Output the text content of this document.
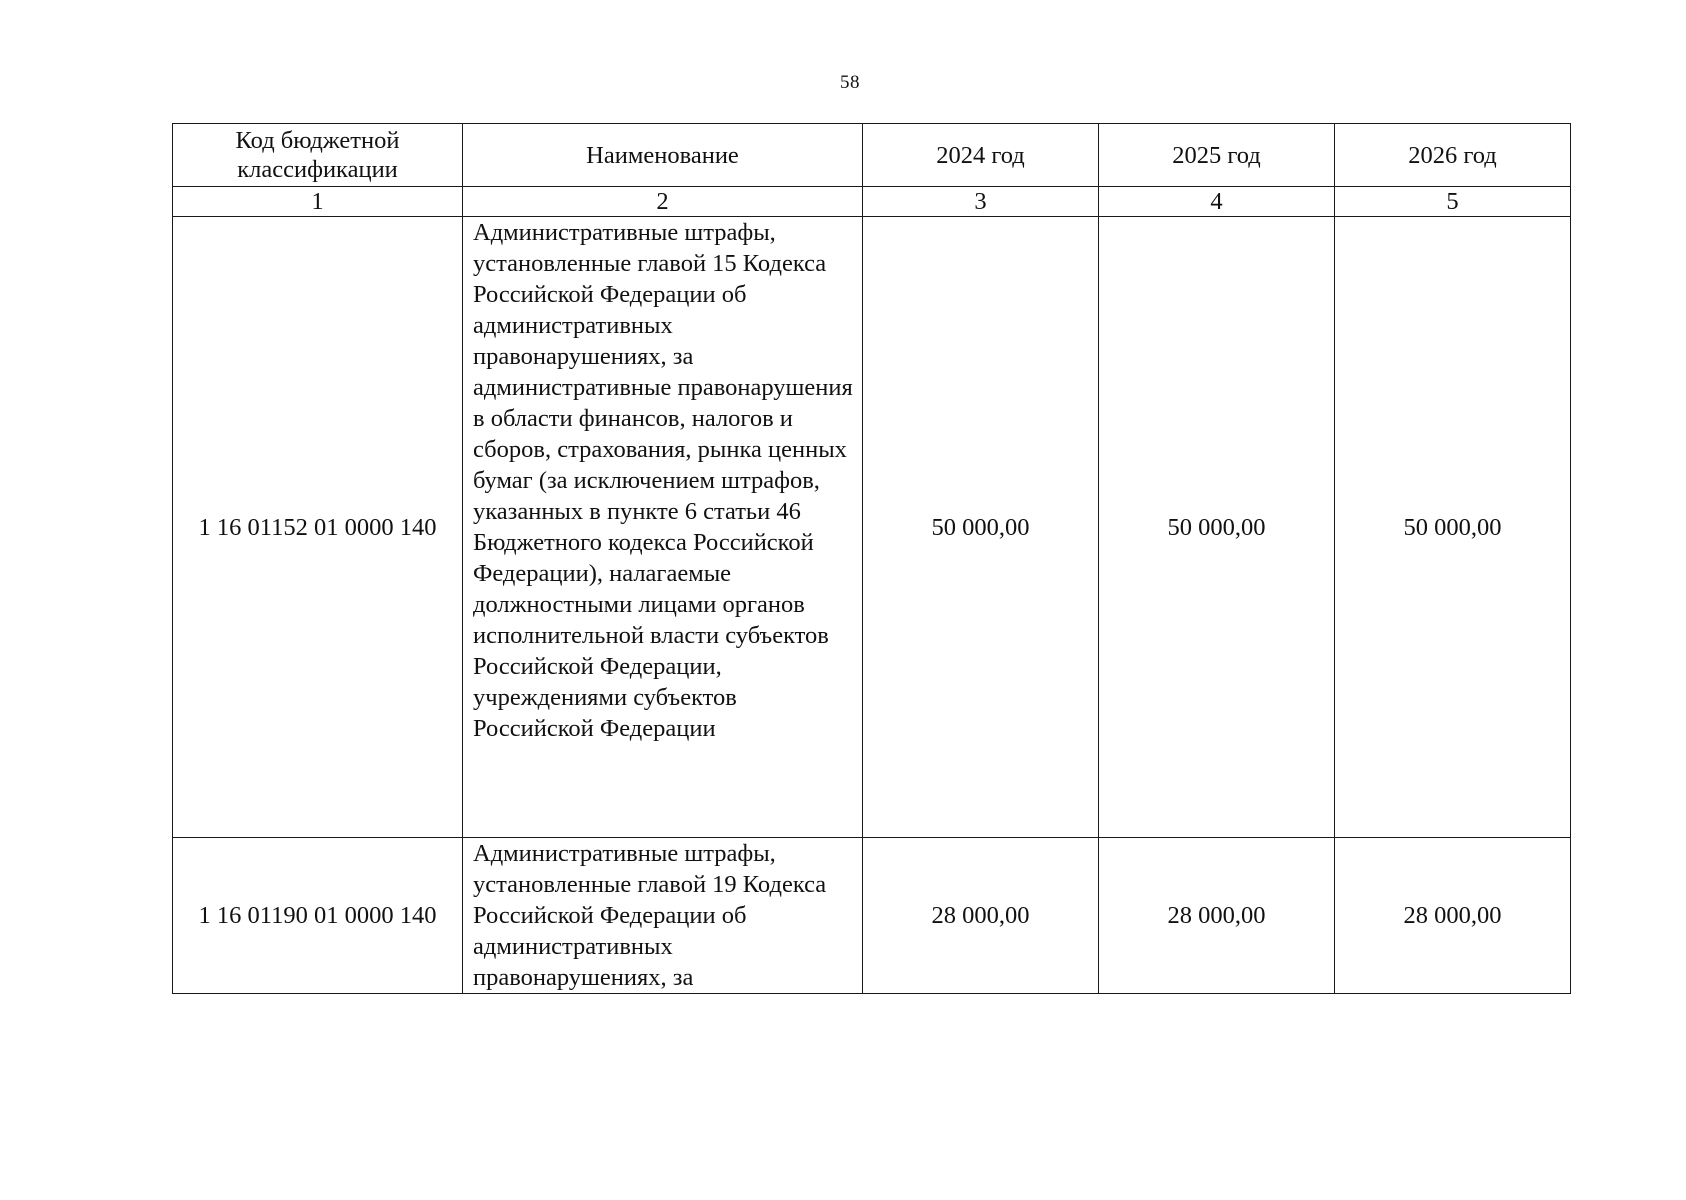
58
Код бюджетной классификации	Наименование	2024 год	2025 год	2026 год
1	2	3	4	5
1 16 01152 01 0000 140	Административные штрафы, установленные главой 15 Кодекса Российской Федерации об административных правонарушениях, за административные правонарушения в области финансов, налогов и сборов, страхования, рынка ценных бумаг (за исключением штрафов, указанных в пункте 6 статьи 46 Бюджетного кодекса Российской Федерации), налагаемые должностными лицами органов исполнительной власти субъектов Российской Федерации, учреждениями субъектов Российской Федерации	50 000,00	50 000,00	50 000,00
1 16 01190 01 0000 140	Административные штрафы, установленные главой 19 Кодекса Российской Федерации об административных правонарушениях, за	28 000,00	28 000,00	28 000,00
